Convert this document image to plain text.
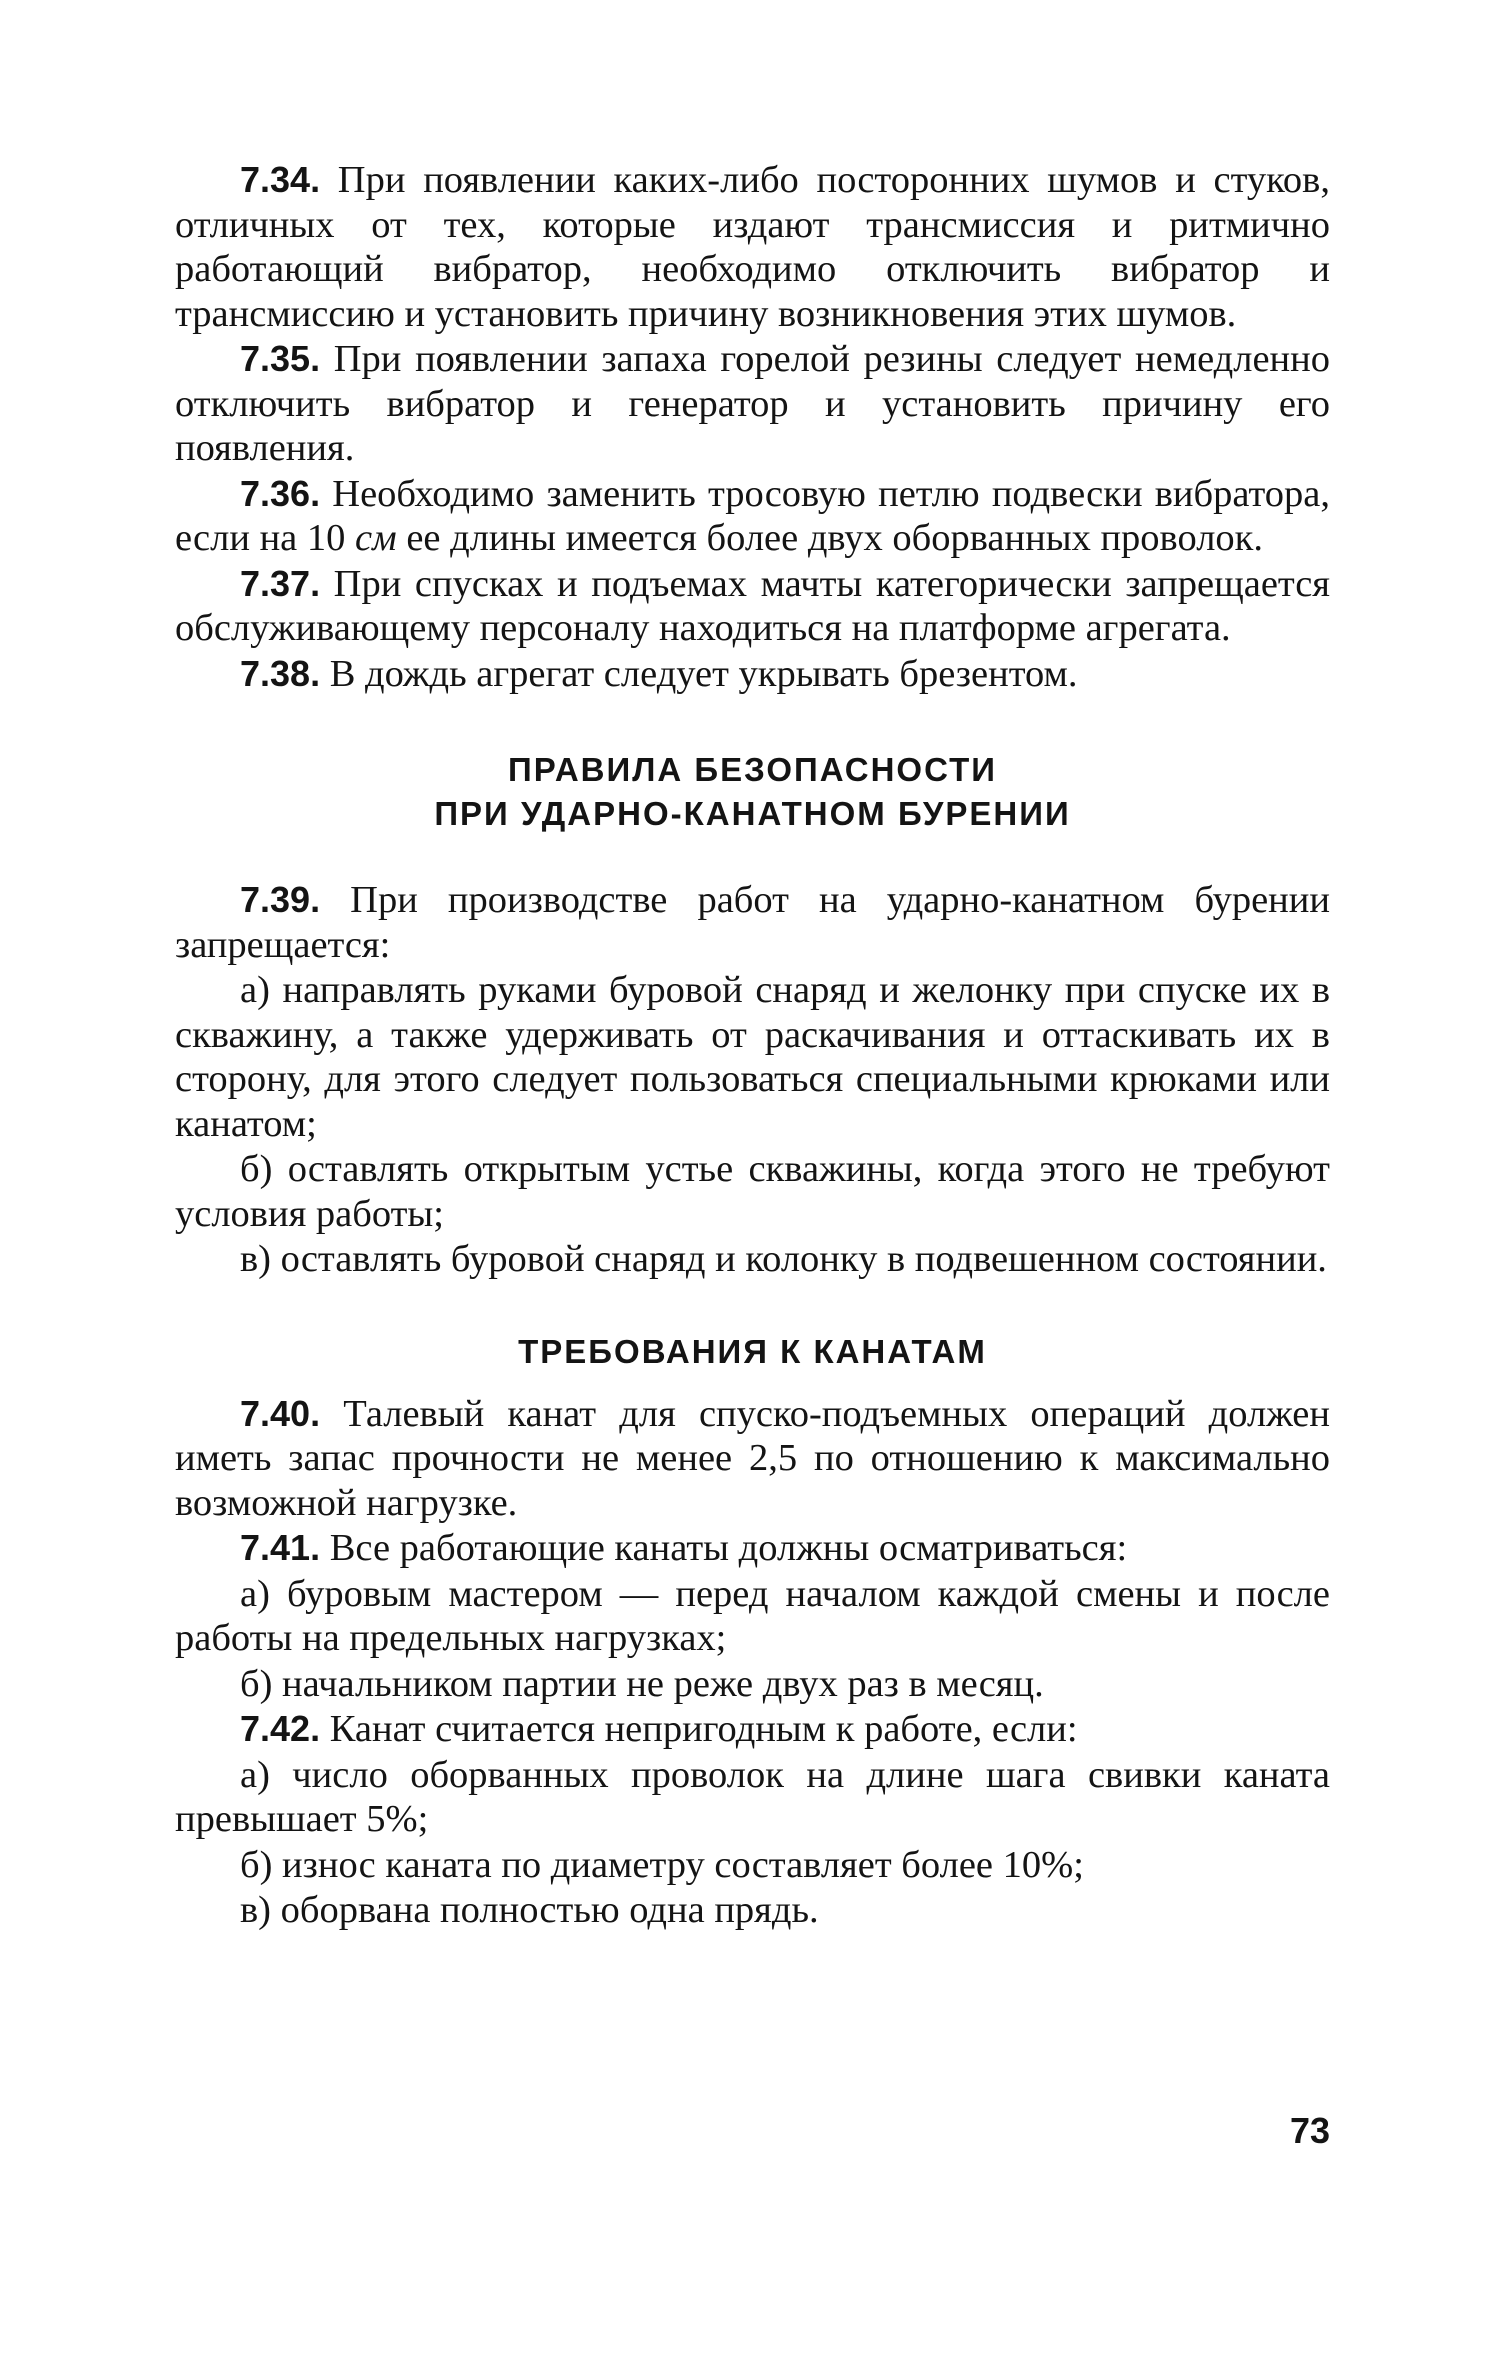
7.34. При появлении каких-либо посторонних шумов и стуков, отличных от тех, которые издают трансмиссия и ритмично работающий вибратор, необходимо отключить вибратор и трансмиссию и установить причину возникновения этих шумов.

7.35. При появлении запаха горелой резины следует немедленно отключить вибратор и генератор и установить причину его появления.

7.36. Необходимо заменить тросовую петлю подвески вибратора, если на 10 см ее длины имеется более двух оборванных проволок.

7.37. При спусках и подъемах мачты категорически запрещается обслуживающему персоналу находиться на платформе агрегата.

7.38. В дождь агрегат следует укрывать брезентом.

ПРАВИЛА БЕЗОПАСНОСТИ
ПРИ УДАРНО-КАНАТНОМ БУРЕНИИ

7.39. При производстве работ на ударно-канатном бурении запрещается:

а) направлять руками буровой снаряд и желонку при спуске их в скважину, а также удерживать от раскачивания и оттаскивать их в сторону, для этого следует пользоваться специальными крюками или канатом;

б) оставлять открытым устье скважины, когда этого не требуют условия работы;

в) оставлять буровой снаряд и колонку в подвешенном состоянии.

ТРЕБОВАНИЯ К КАНАТАМ

7.40. Талевый канат для спуско-подъемных операций должен иметь запас прочности не менее 2,5 по отношению к максимально возможной нагрузке.

7.41. Все работающие канаты должны осматриваться:

а) буровым мастером — перед началом каждой смены и после работы на предельных нагрузках;

б) начальником партии не реже двух раз в месяц.

7.42. Канат считается непригодным к работе, если:

а) число оборванных проволок на длине шага свивки каната превышает 5%;

б) износ каната по диаметру составляет более 10%;

в) оборвана полностью одна прядь.

73
